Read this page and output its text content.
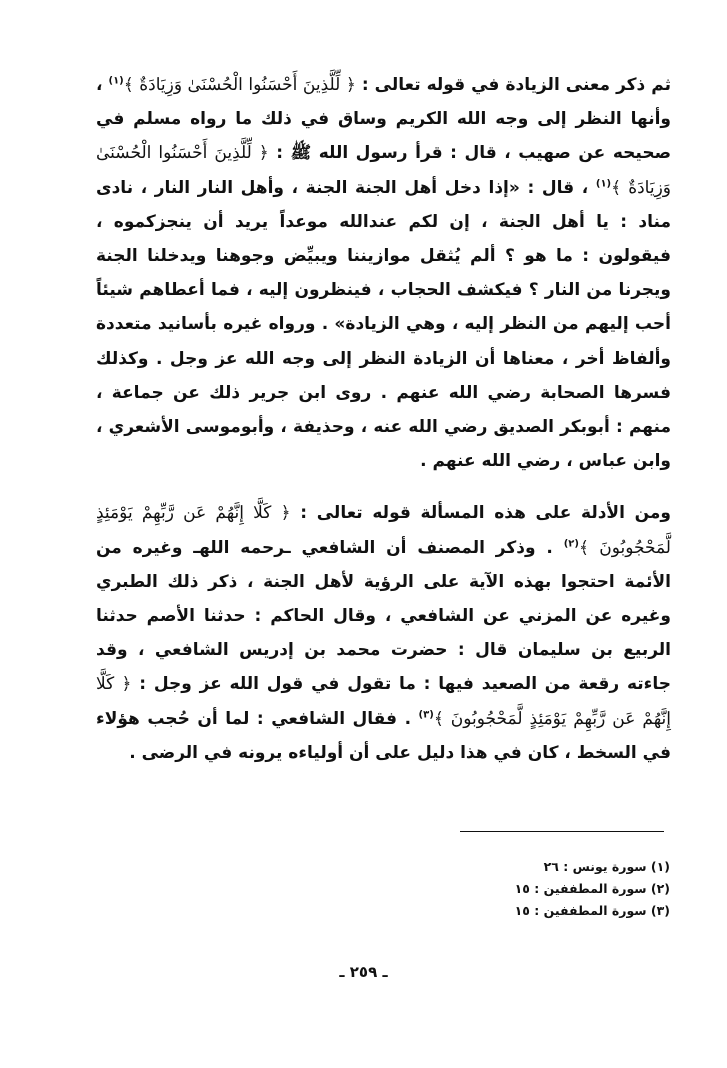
ثم ذكر معنى الزيادة في قوله تعالى : ﴿ لِّلَّذِينَ أَحْسَنُوا الْحُسْنَىٰ وَزِيَادَةٌ ﴾$^{(١)}$ ، وأنها النظر إلى وجه الله الكريم وساق في ذلك ما رواه مسلم في صحيحه عن صهيب ، قال : قرأ رسول الله ﷺ : ﴿ لِّلَّذِينَ أَحْسَنُوا الْحُسْنَىٰ وَزِيَادَةٌ ﴾$^{(١)}$ ، قال : «إذا دخل أهل الجنة الجنة ، وأهل النار النار ، نادى مناد : يا أهل الجنة ، إن لكم عندالله موعداً يريد أن ينجزكموه ، فيقولون : ما هو ؟ ألم يُثقل موازيننا ويبيِّض وجوهنا ويدخلنا الجنة ويجرنا من النار ؟ فيكشف الحجاب ، فينظرون إليه ، فما أعطاهم شيئاً أحب إليهم من النظر إليه ، وهي الزيادة» . ورواه غيره بأسانيد متعددة وألفاظ أخر ، معناها أن الزيادة النظر إلى وجه الله عز وجل . وكذلك فسرها الصحابة رضي الله عنهم . روى ابن جرير ذلك عن جماعة ، منهم : أبوبكر الصديق رضي الله عنه ، وحذيفة ، وأبوموسى الأشعري ، وابن عباس ، رضي الله عنهم .

ومن الأدلة على هذه المسألة قوله تعالى : ﴿ كَلَّا إِنَّهُمْ عَن رَّبِّهِمْ يَوْمَئِذٍ لَّمَحْجُوبُونَ ﴾$^{(٢)}$ . وذكر المصنف أن الشافعي ـرحمه اللهـ وغيره من الأئمة احتجوا بهذه الآية على الرؤية لأهل الجنة ، ذكر ذلك الطبري وغيره عن المزني عن الشافعي ، وقال الحاكم : حدثنا الأصم حدثنا الربيع بن سليمان قال : حضرت محمد بن إدريس الشافعي ، وقد جاءته رقعة من الصعيد فيها : ما تقول في قول الله عز وجل : ﴿ كَلَّا إِنَّهُمْ عَن رَّبِّهِمْ يَوْمَئِذٍ لَّمَحْجُوبُونَ ﴾$^{(٣)}$ . فقال الشافعي : لما أن حُجب هؤلاء في السخط ، كان في هذا دليل على أن أولياءه يرونه في الرضى .

(١) سورة يونس : ٢٦
(٢) سورة المطففين : ١٥
(٣) سورة المطففين : ١٥
ـ ٢٥٩ ـ
